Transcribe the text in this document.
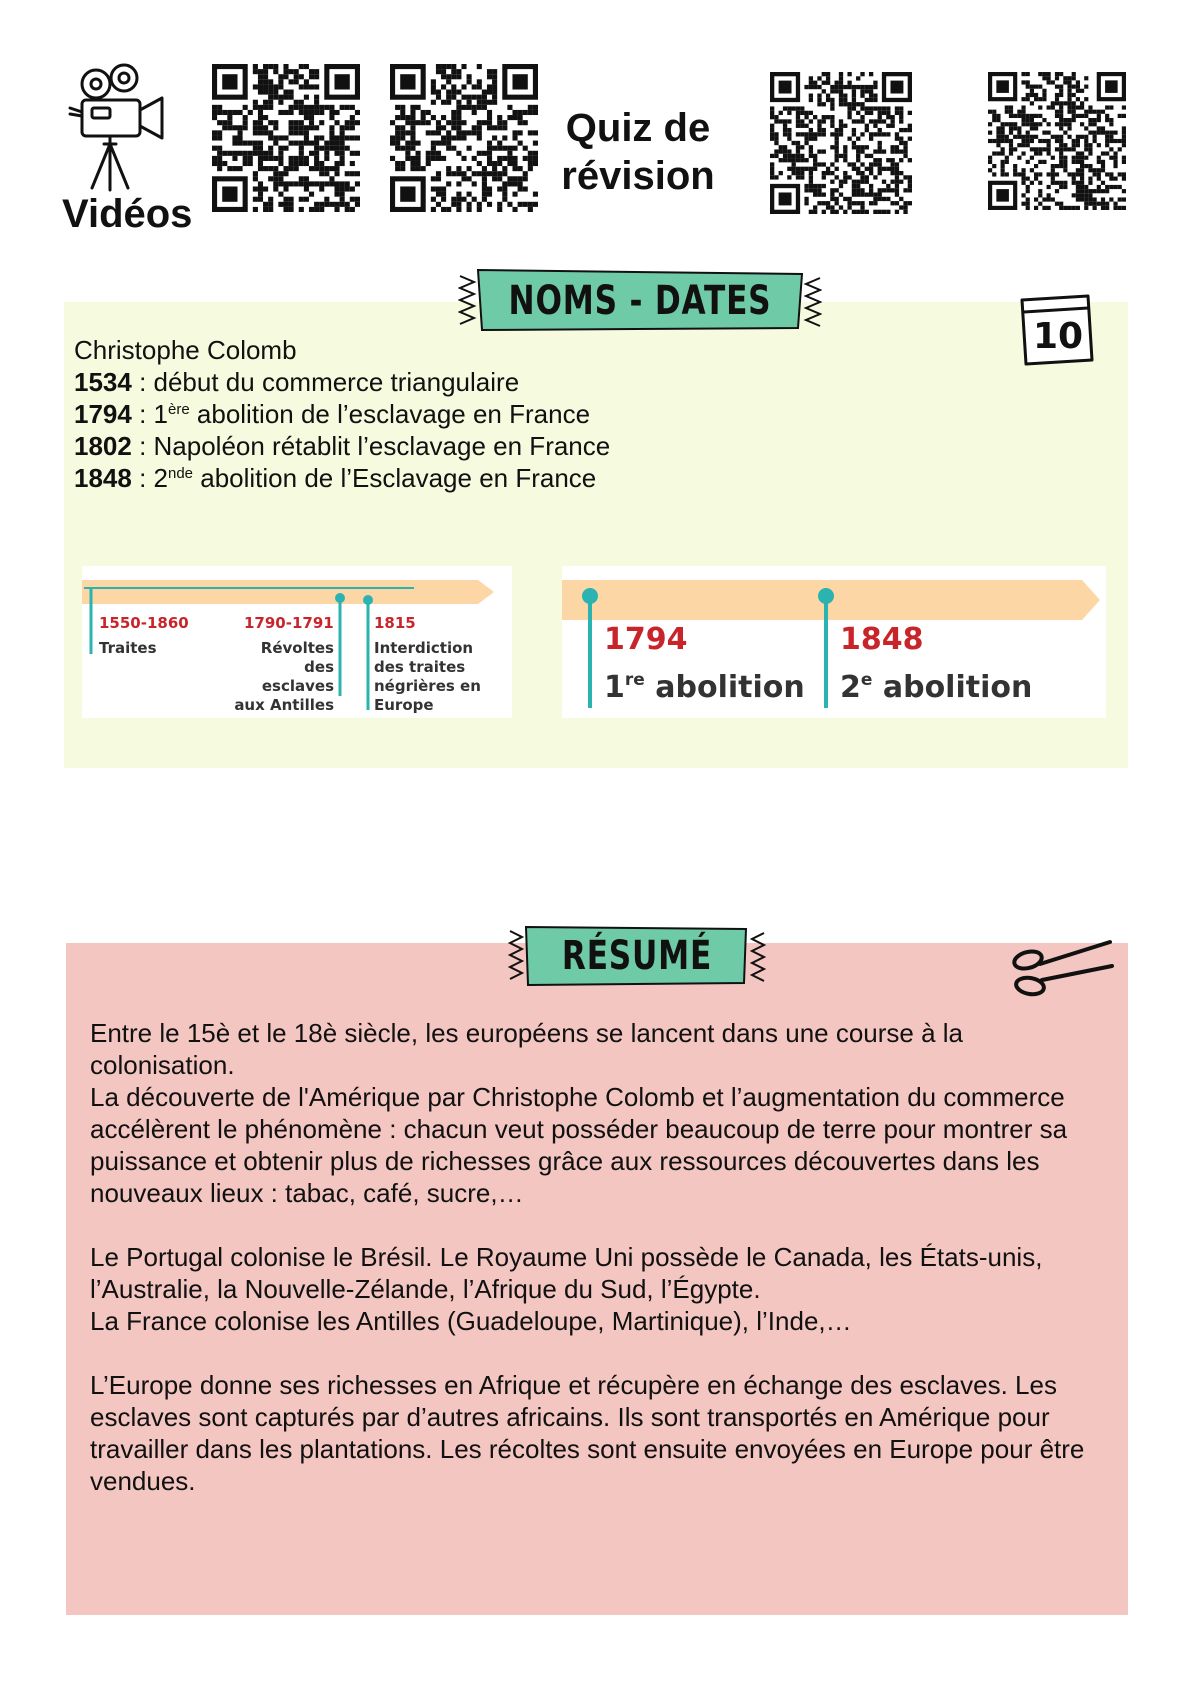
Vidéos
Quiz de
révision
NOMS - DATES
10
Christophe Colomb
1534 : début du commerce triangulaire
1794 : 1ère abolition de l’esclavage en France
1802 : Napoléon rétablit l’esclavage en France
1848 : 2nde abolition de l’Esclavage en France
1550-1860
Traites
1790-1791
Révoltes des esclaves aux Antilles
1815
Interdiction des traites négrières en Europe
1794
1re abolition
1848
2e abolition
RÉSUMÉ

Entre le 15è et le 18è siècle, les européens se lancent dans une course à la colonisation.
La découverte de l'Amérique par Christophe Colomb et l’augmentation du commerce accélèrent le phénomène : chacun veut posséder beaucoup de terre pour montrer sa puissance et obtenir plus de richesses grâce aux ressources découvertes dans les nouveaux lieux : tabac, café, sucre,…

Le Portugal colonise le Brésil. Le Royaume Uni possède le Canada, les États-unis, l’Australie, la Nouvelle-Zélande, l’Afrique du Sud, l’Égypte.
La France colonise les Antilles (Guadeloupe, Martinique), l’Inde,…

L’Europe donne ses richesses en Afrique et récupère en échange des esclaves. Les esclaves sont capturés par d’autres africains. Ils sont transportés en Amérique pour travailler dans les plantations. Les récoltes sont ensuite envoyées en Europe pour être vendues.
